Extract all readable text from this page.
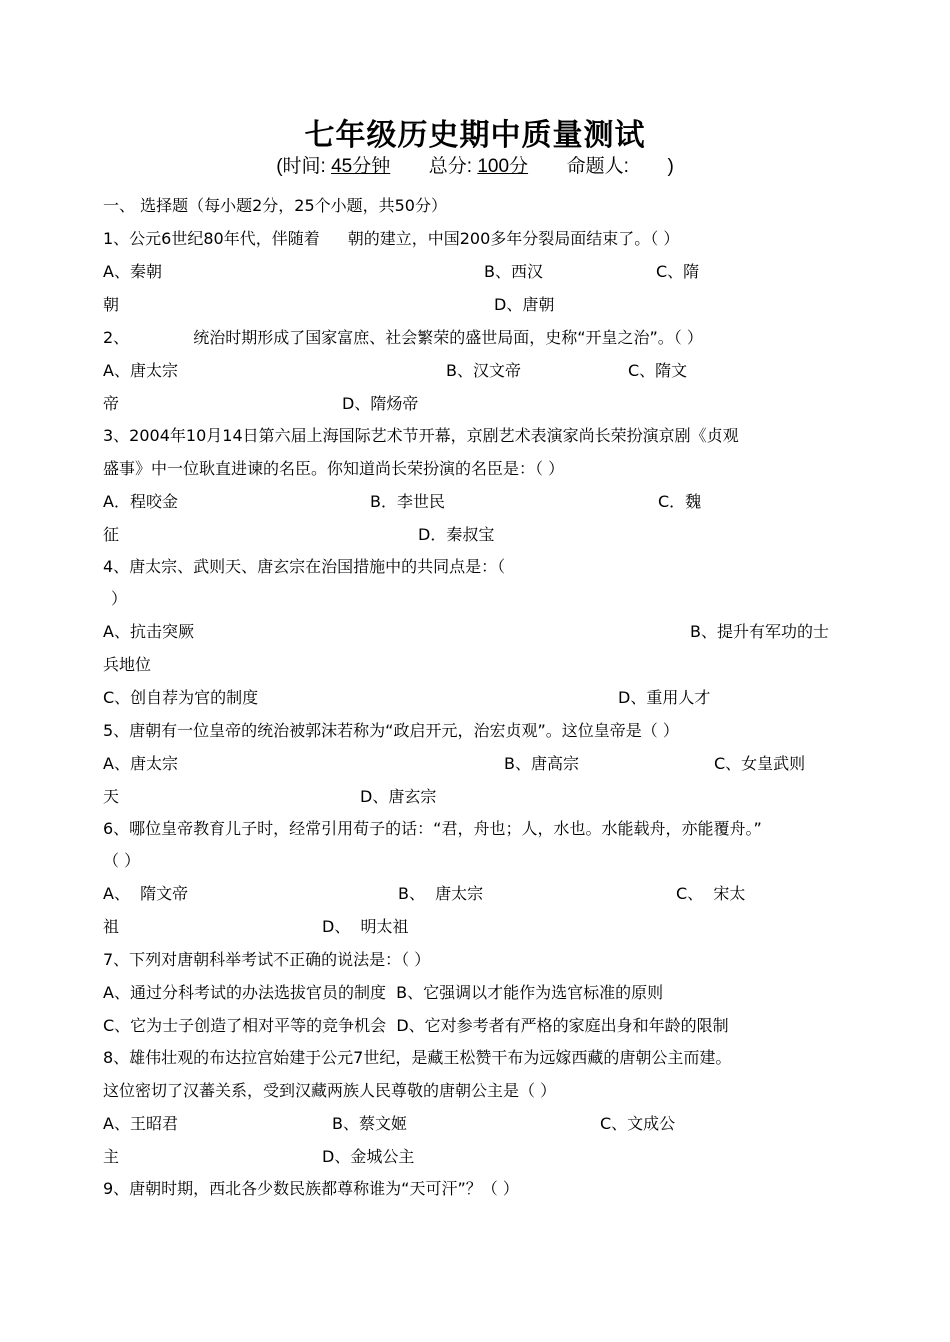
七年级历史期中质量测试
(时间: 45分钟 总分: 100分 命题人: )
一、 选择题（每小题2分，25个小题，共50分）
1、公元6世纪80年代，伴随着 朝的建立，中国200多年分裂局面结束了。（ ）
A、秦朝	B、西汉	C、隋
朝	D、唐朝
2、	统治时期形成了国家富庶、社会繁荣的盛世局面，史称“开皇之治”。（ ）
A、唐太宗	B、汉文帝	C、隋文
帝	D、隋炀帝
3、2004年10月14日第六届上海国际艺术节开幕，京剧艺术表演家尚长荣扮演京剧《贞观
盛事》中一位耿直进谏的名臣。你知道尚长荣扮演的名臣是：（ ）
A．程咬金	B．李世民	C．魏
征	D．秦叔宝
4、唐太宗、武则天、唐玄宗在治国措施中的共同点是：（
）
A、抗击突厥	B、提升有军功的士
兵地位
C、创自荐为官的制度	D、重用人才
5、唐朝有一位皇帝的统治被郭沫若称为“政启开元，治宏贞观”。这位皇帝是（ ）
A、唐太宗	B、唐高宗	C、女皇武则
天	D、唐玄宗
6、哪位皇帝教育儿子时，经常引用荀子的话：“君，舟也；人，水也。水能载舟，亦能覆舟。”
（ ）
A、  隋文帝	B、  唐太宗	C、  宋太
祖	D、  明太祖
7、下列对唐朝科举考试不正确的说法是：（ ）
A、通过分科考试的办法选拔官员的制度  B、它强调以才能作为选官标准的原则
C、它为士子创造了相对平等的竞争机会  D、它对参考者有严格的家庭出身和年龄的限制
8、雄伟壮观的布达拉宫始建于公元7世纪，是藏王松赞干布为远嫁西藏的唐朝公主而建。
这位密切了汉蕃关系，受到汉藏两族人民尊敬的唐朝公主是（ ）
A、王昭君	B、蔡文姬	C、文成公
主	D、金城公主
9、唐朝时期，西北各少数民族都尊称谁为“天可汗”？（ ）
